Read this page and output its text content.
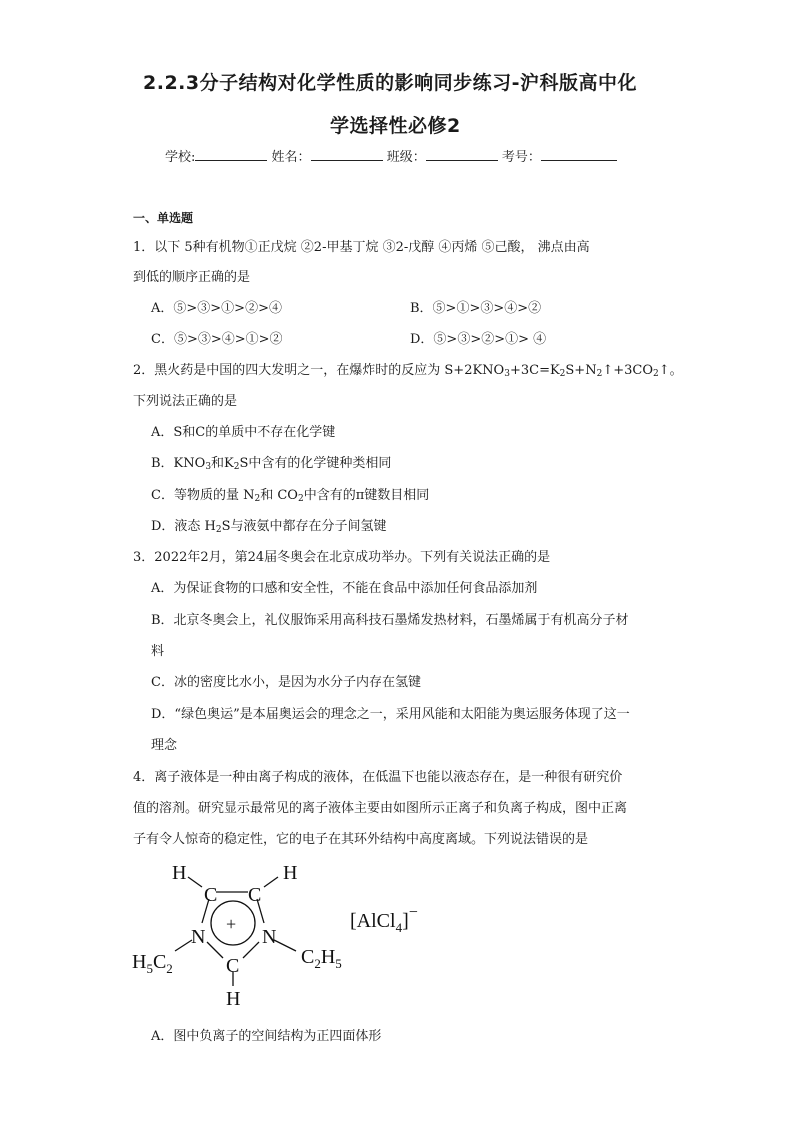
2.2.3分子结构对化学性质的影响同步练习-沪科版高中化
学选择性必修2
学校:	姓名：	班级：	考号：
一、单选题
1．以下 5种有机物①正戊烷 ②2-甲基丁烷 ③2-戊醇 ④丙烯 ⑤己酸， 沸点由高
到低的顺序正确的是
A．⑤>③>①>②>④	B．⑤>①>③>④>②
C．⑤>③>④>①>②	D．⑤>③>②>①> ④
2．黑火药是中国的四大发明之一，在爆炸时的反应为 $S+2KNO_3+3C=K_2S+N_2↑+3CO_2↑$。
下列说法正确的是
A．S和C的单质中不存在化学键
B．$KNO_3$和$K_2S$中含有的化学键种类相同
C．等物质的量 $N_2$和 $CO_2$中含有的π键数目相同
D．液态 $H_2S$与液氨中都存在分子间氢键
3．2022年2月，第24届冬奥会在北京成功举办。下列有关说法正确的是
A．为保证食物的口感和安全性，不能在食品中添加任何食品添加剂
B．北京冬奥会上，礼仪服饰采用高科技石墨烯发热材料，石墨烯属于有机高分子材
料
C．冰的密度比水小，是因为水分子内存在氢键
D．“绿色奥运”是本届奥运会的理念之一，采用风能和太阳能为奥运服务体现了这一
理念
4．离子液体是一种由离子构成的液体，在低温下也能以液态存在，是一种很有研究价
值的溶剂。研究显示最常见的离子液体主要由如图所示正离子和负离子构成，图中正离
子有令人惊奇的稳定性，它的电子在其环外结构中高度离域。下列说法错误的是
H	H
C C
N	N
C
H
+
$H_5C_2$
$C_2H_5$
[AlCl$_4$]−
A．图中负离子的空间结构为正四面体形
